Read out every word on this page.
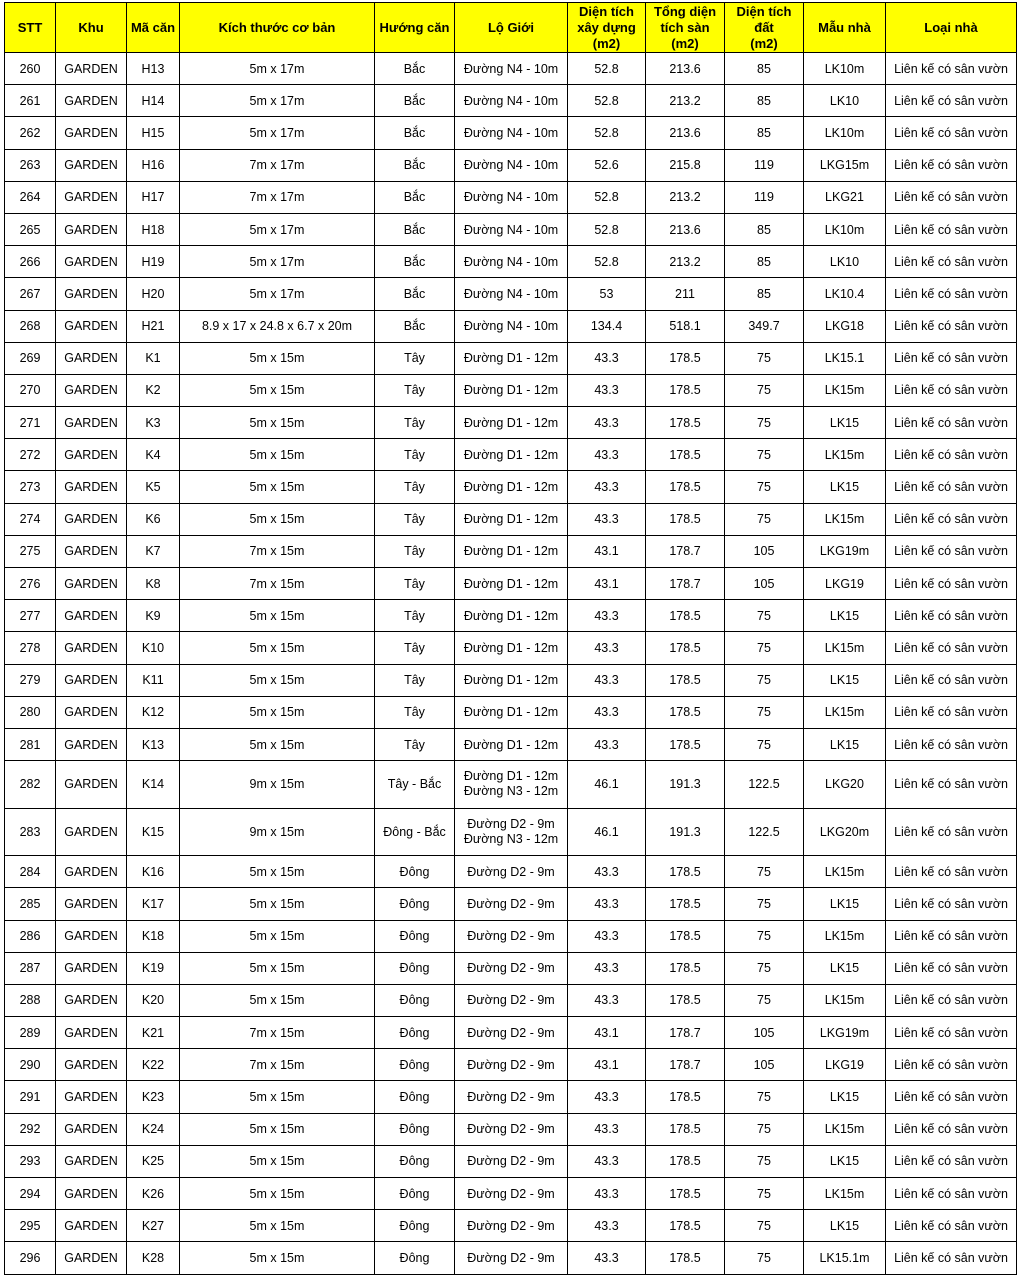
STT	Khu	Mã căn	Kích thước cơ bản	Hướng căn	Lộ Giới	Diện tích
xây dựng
(m2)	Tổng diện
tích sàn
(m2)	Diện tích
đất
(m2)	Mẫu nhà	Loại nhà
260	GARDEN	H13	5m x 17m	Bắc	Đường N4 - 10m	52.8	213.6	85	LK10m	Liên kế có sân vườn
261	GARDEN	H14	5m x 17m	Bắc	Đường N4 - 10m	52.8	213.2	85	LK10	Liên kế có sân vườn
262	GARDEN	H15	5m x 17m	Bắc	Đường N4 - 10m	52.8	213.6	85	LK10m	Liên kế có sân vườn
263	GARDEN	H16	7m x 17m	Bắc	Đường N4 - 10m	52.6	215.8	119	LKG15m	Liên kế có sân vườn
264	GARDEN	H17	7m x 17m	Bắc	Đường N4 - 10m	52.8	213.2	119	LKG21	Liên kế có sân vườn
265	GARDEN	H18	5m x 17m	Bắc	Đường N4 - 10m	52.8	213.6	85	LK10m	Liên kế có sân vườn
266	GARDEN	H19	5m x 17m	Bắc	Đường N4 - 10m	52.8	213.2	85	LK10	Liên kế có sân vườn
267	GARDEN	H20	5m x 17m	Bắc	Đường N4 - 10m	53	211	85	LK10.4	Liên kế có sân vườn
268	GARDEN	H21	8.9 x 17 x 24.8 x 6.7 x 20m	Bắc	Đường N4 - 10m	134.4	518.1	349.7	LKG18	Liên kế có sân vườn
269	GARDEN	K1	5m x 15m	Tây	Đường D1 - 12m	43.3	178.5	75	LK15.1	Liên kế có sân vườn
270	GARDEN	K2	5m x 15m	Tây	Đường D1 - 12m	43.3	178.5	75	LK15m	Liên kế có sân vườn
271	GARDEN	K3	5m x 15m	Tây	Đường D1 - 12m	43.3	178.5	75	LK15	Liên kế có sân vườn
272	GARDEN	K4	5m x 15m	Tây	Đường D1 - 12m	43.3	178.5	75	LK15m	Liên kế có sân vườn
273	GARDEN	K5	5m x 15m	Tây	Đường D1 - 12m	43.3	178.5	75	LK15	Liên kế có sân vườn
274	GARDEN	K6	5m x 15m	Tây	Đường D1 - 12m	43.3	178.5	75	LK15m	Liên kế có sân vườn
275	GARDEN	K7	7m x 15m	Tây	Đường D1 - 12m	43.1	178.7	105	LKG19m	Liên kế có sân vườn
276	GARDEN	K8	7m x 15m	Tây	Đường D1 - 12m	43.1	178.7	105	LKG19	Liên kế có sân vườn
277	GARDEN	K9	5m x 15m	Tây	Đường D1 - 12m	43.3	178.5	75	LK15	Liên kế có sân vườn
278	GARDEN	K10	5m x 15m	Tây	Đường D1 - 12m	43.3	178.5	75	LK15m	Liên kế có sân vườn
279	GARDEN	K11	5m x 15m	Tây	Đường D1 - 12m	43.3	178.5	75	LK15	Liên kế có sân vườn
280	GARDEN	K12	5m x 15m	Tây	Đường D1 - 12m	43.3	178.5	75	LK15m	Liên kế có sân vườn
281	GARDEN	K13	5m x 15m	Tây	Đường D1 - 12m	43.3	178.5	75	LK15	Liên kế có sân vườn
282	GARDEN	K14	9m x 15m	Tây - Bắc	Đường D1 - 12m
Đường N3 - 12m	46.1	191.3	122.5	LKG20	Liên kế có sân vườn
283	GARDEN	K15	9m x 15m	Đông - Bắc	Đường D2 - 9m
Đường N3 - 12m	46.1	191.3	122.5	LKG20m	Liên kế có sân vườn
284	GARDEN	K16	5m x 15m	Đông	Đường D2 - 9m	43.3	178.5	75	LK15m	Liên kế có sân vườn
285	GARDEN	K17	5m x 15m	Đông	Đường D2 - 9m	43.3	178.5	75	LK15	Liên kế có sân vườn
286	GARDEN	K18	5m x 15m	Đông	Đường D2 - 9m	43.3	178.5	75	LK15m	Liên kế có sân vườn
287	GARDEN	K19	5m x 15m	Đông	Đường D2 - 9m	43.3	178.5	75	LK15	Liên kế có sân vườn
288	GARDEN	K20	5m x 15m	Đông	Đường D2 - 9m	43.3	178.5	75	LK15m	Liên kế có sân vườn
289	GARDEN	K21	7m x 15m	Đông	Đường D2 - 9m	43.1	178.7	105	LKG19m	Liên kế có sân vườn
290	GARDEN	K22	7m x 15m	Đông	Đường D2 - 9m	43.1	178.7	105	LKG19	Liên kế có sân vườn
291	GARDEN	K23	5m x 15m	Đông	Đường D2 - 9m	43.3	178.5	75	LK15	Liên kế có sân vườn
292	GARDEN	K24	5m x 15m	Đông	Đường D2 - 9m	43.3	178.5	75	LK15m	Liên kế có sân vườn
293	GARDEN	K25	5m x 15m	Đông	Đường D2 - 9m	43.3	178.5	75	LK15	Liên kế có sân vườn
294	GARDEN	K26	5m x 15m	Đông	Đường D2 - 9m	43.3	178.5	75	LK15m	Liên kế có sân vườn
295	GARDEN	K27	5m x 15m	Đông	Đường D2 - 9m	43.3	178.5	75	LK15	Liên kế có sân vườn
296	GARDEN	K28	5m x 15m	Đông	Đường D2 - 9m	43.3	178.5	75	LK15.1m	Liên kế có sân vườn
